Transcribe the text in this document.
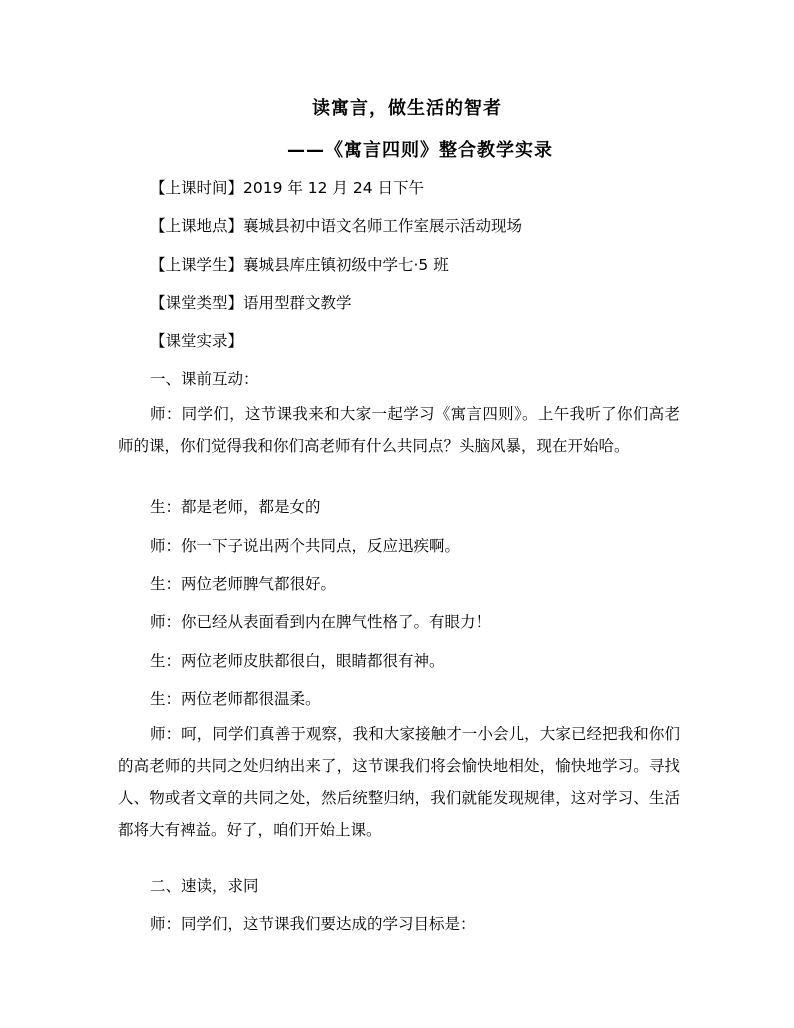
读寓言，做生活的智者
——《寓言四则》整合教学实录
【上课时间】2019 年 12 月 24 日下午
【上课地点】襄城县初中语文名师工作室展示活动现场
【上课学生】襄城县库庄镇初级中学七·5 班
【课堂类型】语用型群文教学
【课堂实录】
一、课前互动：
师：同学们，这节课我来和大家一起学习《寓言四则》。上午我听了你们高老师的课，你们觉得我和你们高老师有什么共同点？头脑风暴，现在开始哈。
生：都是老师，都是女的
师：你一下子说出两个共同点，反应迅疾啊。
生：两位老师脾气都很好。
师：你已经从表面看到内在脾气性格了。有眼力！
生：两位老师皮肤都很白，眼睛都很有神。
生：两位老师都很温柔。
师：呵，同学们真善于观察，我和大家接触才一小会儿，大家已经把我和你们的高老师的共同之处归纳出来了，这节课我们将会愉快地相处，愉快地学习。寻找人、物或者文章的共同之处，然后统整归纳，我们就能发现规律，这对学习、生活都将大有裨益。好了，咱们开始上课。
二、速读，求同
师：同学们，这节课我们要达成的学习目标是：
